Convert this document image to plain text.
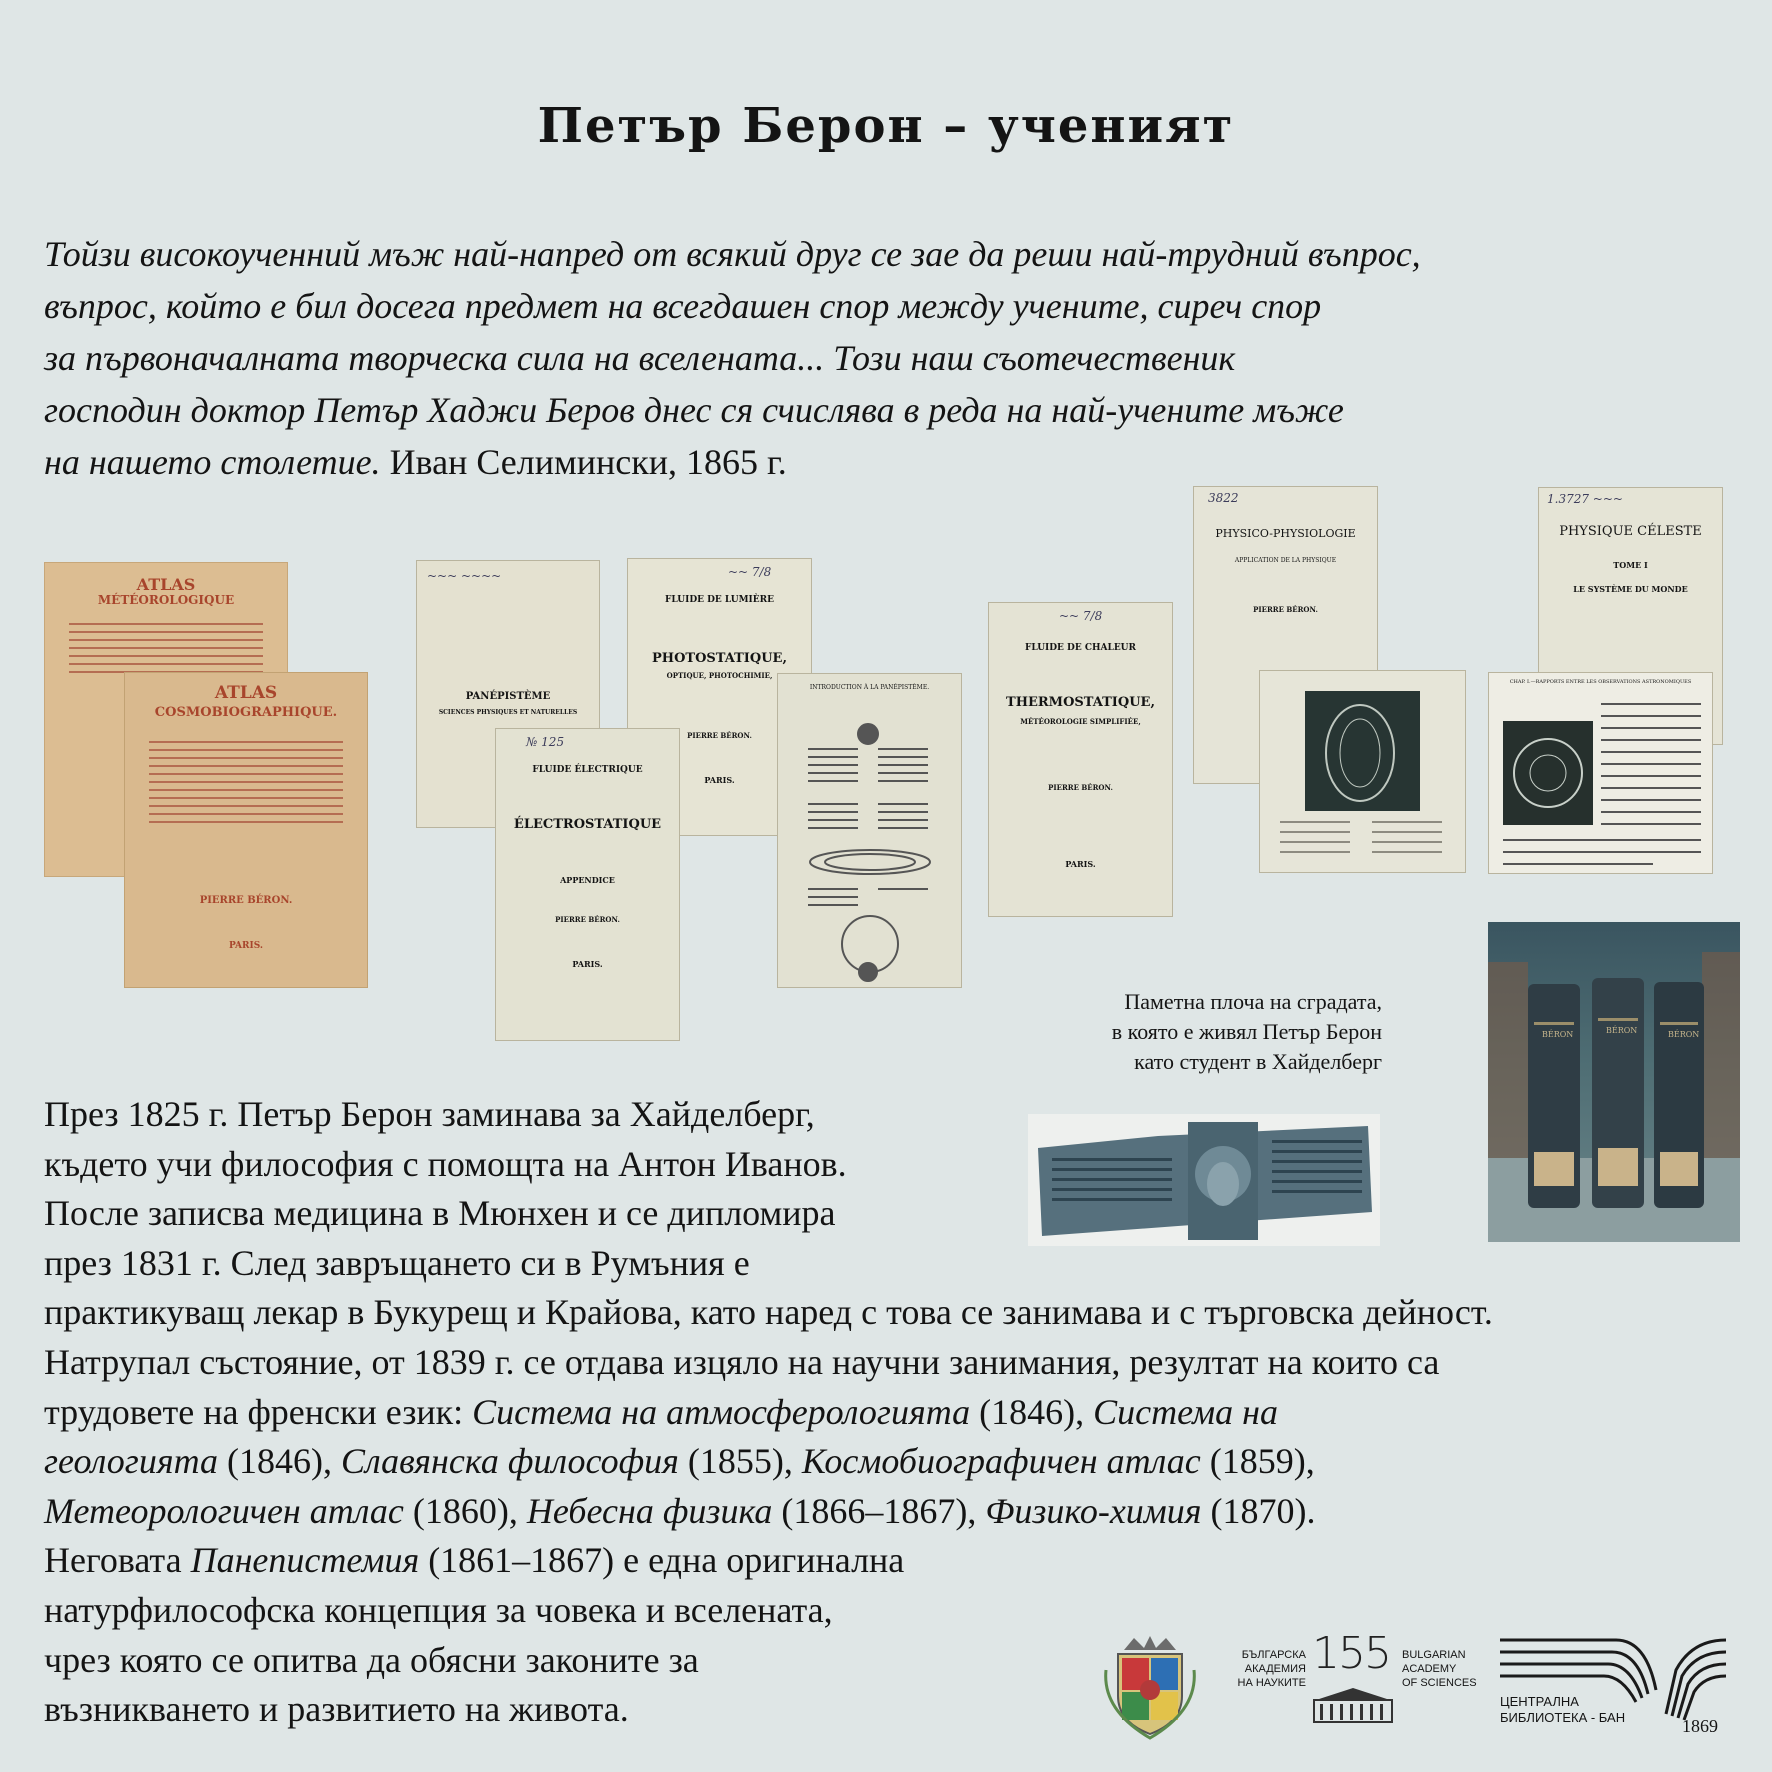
Петър Берон – ученият
Тойзи високоученний мъж най-напред от всякий друг се зае да реши най-трудний въпрос,
въпрос, който е бил досега предмет на всегдашен спор между учените, сиреч спор
за първоначалната творческа сила на вселената... Този наш съотечественик
господин доктор Петър Хаджи Беров днес ся счислява в реда на най-учените мъже
на нашето столетие. Иван Селимински, 1865 г.
ATLAS
MÉTÉOROLOGIQUE
ATLAS
COSMOBIOGRAPHIQUE.
PIERRE BÉRON.
PARIS.
~~~ ~~~~
PANÉPISTÈME
SCIENCES PHYSIQUES ET NATURELLES
~~ 7/8
FLUIDE DE LUMIÈRE
PHOTOSTATIQUE,
OPTIQUE, PHOTOCHIMIE,
PIERRE BÉRON.
PARIS.
№ 125
FLUIDE ÉLECTRIQUE
ÉLECTROSTATIQUE
APPENDICE
PIERRE BÉRON.
PARIS.
INTRODUCTION À LA PANÉPISTÈME.
~~ 7/8
FLUIDE DE CHALEUR
THERMOSTATIQUE,
MÉTÉOROLOGIE SIMPLIFIÉE,
PIERRE BÉRON.
PARIS.
3822
PHYSICO-PHYSIOLOGIE
APPLICATION DE LA PHYSIQUE
PIERRE BÉRON.
1.3727 ~~~
PHYSIQUE CÉLESTE
TOME I
LE SYSTÈME DU MONDE
CHAP. I.—RAPPORTS ENTRE LES OBSERVATIONS ASTRONOMIQUES
Паметна плоча на сградата,
в която е живял Петър Берон
като студент в Хайделберг
BÉRON	BÉRON	BÉRON
През 1825 г. Петър Берон заминава за Хайделберг,
където учи философия с помощта на Антон Иванов.
После записва медицина в Мюнхен и се дипломира
през 1831 г. След завръщането си в Румъния е
практикуващ лекар в Букурещ и Крайова, като наред с това се занимава и с търговска дейност.
Натрупал състояние, от 1839 г. се отдава изцяло на научни занимания, резултат на които са
трудовете на френски език: Система на атмосферологията (1846), Система на
геологията (1846), Славянска философия (1855), Космобиографичен атлас (1859),
Метеорологичен атлас (1860), Небесна физика (1866–1867), Физико-химия (1870).
Неговата Панепистемия (1861–1867) е една оригинална
натурфилософска концепция за човека и вселената,
чрез която се опитва да обясни законите за
възникването и развитието на живота.
БЪЛГАРСКА
АКАДЕМИЯ
НА НАУКИТЕ
155	BULGARIAN
ACADEMY
OF SCIENCES
ЦЕНТРАЛНА
БИБЛИОТЕКА - БАН	1869
